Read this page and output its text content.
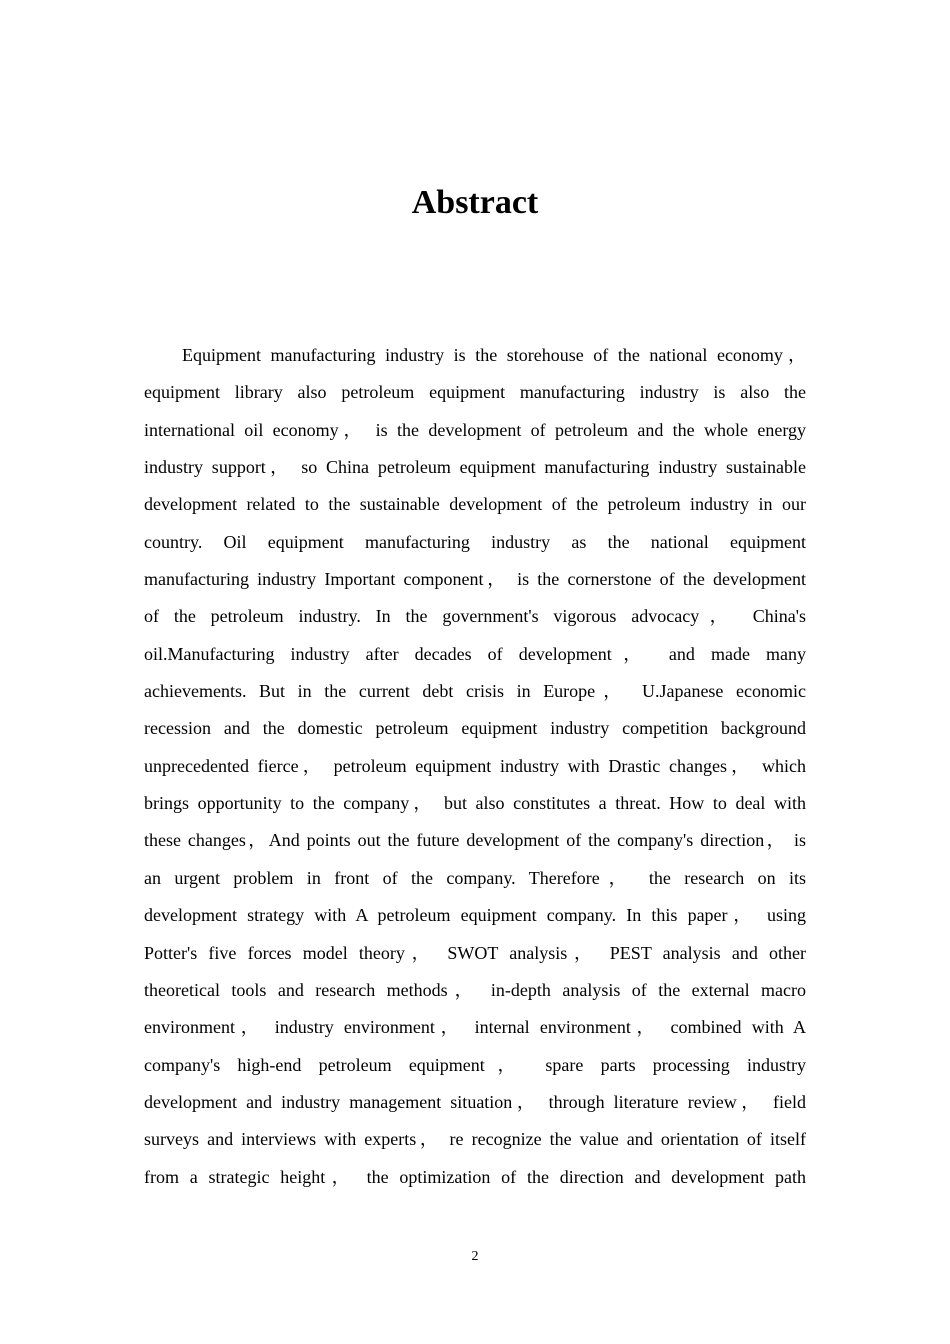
Abstract
Equipment manufacturing industry is the storehouse of the national economy，
equipment library also petroleum equipment manufacturing industry is also the
international oil economy， is the development of petroleum and the whole energy
industry support， so China petroleum equipment manufacturing industry sustainable
development related to the sustainable development of the petroleum industry in our
country. Oil equipment manufacturing industry as the national equipment
manufacturing industry Important component， is the cornerstone of the development
of the petroleum industry. In the government's vigorous advocacy， China's
oil.Manufacturing industry after decades of development， and made many
achievements. But in the current debt crisis in Europe， U.Japanese economic
recession and the domestic petroleum equipment industry competition background
unprecedented fierce， petroleum equipment industry with Drastic changes， which
brings opportunity to the company， but also constitutes a threat. How to deal with
these changes，And points out the future development of the company's direction， is
an urgent problem in front of the company. Therefore， the research on its
development strategy with A petroleum equipment company. In this paper， using
Potter's five forces model theory， SWOT analysis， PEST analysis and other
theoretical tools and research methods， in-depth analysis of the external macro
environment， industry environment， internal environment， combined with A
company's high-end petroleum equipment， spare parts processing industry
development and industry management situation， through literature review， field
surveys and interviews with experts， re recognize the value and orientation of itself
from a strategic height， the optimization of the direction and development path
2
